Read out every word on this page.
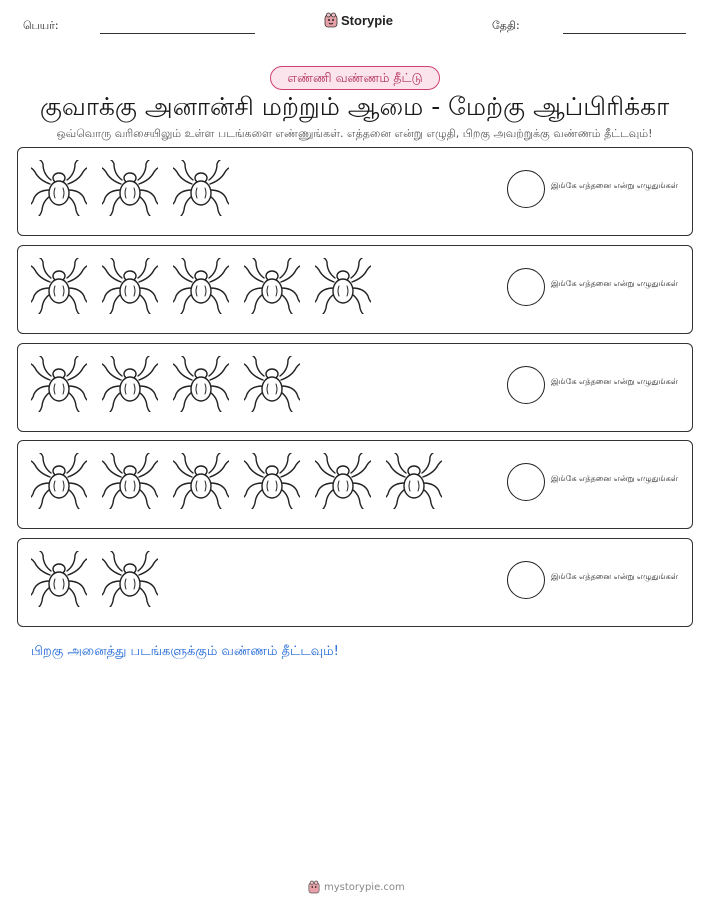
பெயர்:	Storypie	தேதி:
எண்ணி வண்ணம் தீட்டு
குவாக்கு அனான்சி மற்றும் ஆமை - மேற்கு ஆப்பிரிக்கா
ஒவ்வொரு வரிசையிலும் உள்ள படங்களை எண்ணுங்கள். எத்தனை என்று எழுதி, பிறகு அவற்றுக்கு வண்ணம் தீட்டவும்!
இங்கே எத்தனை என்று எழுதுங்கள்
இங்கே எத்தனை என்று எழுதுங்கள்
இங்கே எத்தனை என்று எழுதுங்கள்
இங்கே எத்தனை என்று எழுதுங்கள்
இங்கே எத்தனை என்று எழுதுங்கள்
பிறகு அனைத்து படங்களுக்கும் வண்ணம் தீட்டவும்!
mystorypie.com
